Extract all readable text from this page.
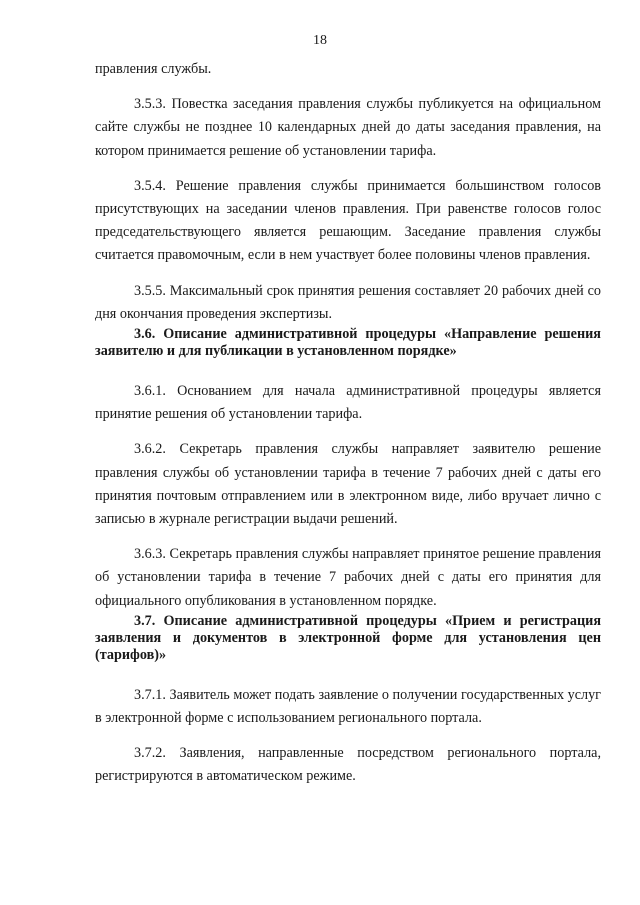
18

правления службы.

3.5.3. Повестка заседания правления службы публикуется на официальном сайте службы не позднее 10 календарных дней до даты заседания правления, на котором принимается решение об установлении тарифа.

3.5.4. Решение правления службы принимается большинством голосов присутствующих на заседании членов правления. При равенстве голосов голос председательствующего является решающим. Заседание правления службы считается правомочным, если в нем участвует более половины членов правления.

3.5.5. Максимальный срок принятия решения составляет 20 рабочих дней со дня окончания проведения экспертизы.

3.6. Описание административной процедуры «Направление решения заявителю и для публикации в установленном порядке»

3.6.1. Основанием для начала административной процедуры является принятие решения об установлении тарифа.

3.6.2. Секретарь правления службы направляет заявителю решение правления службы об установлении тарифа в течение 7 рабочих дней с даты его принятия почтовым отправлением или в электронном виде, либо вручает лично с записью в журнале регистрации выдачи решений.

3.6.3. Секретарь правления службы направляет принятое решение правления об установлении тарифа в течение 7 рабочих дней с даты его принятия для официального опубликования в установленном порядке.

3.7. Описание административной процедуры «Прием и регистрация заявления и документов в электронной форме для установления цен (тарифов)»

3.7.1. Заявитель может подать заявление о получении государственных услуг в электронной форме с использованием регионального портала.

3.7.2. Заявления, направленные посредством регионального портала, регистрируются в автоматическом режиме.
